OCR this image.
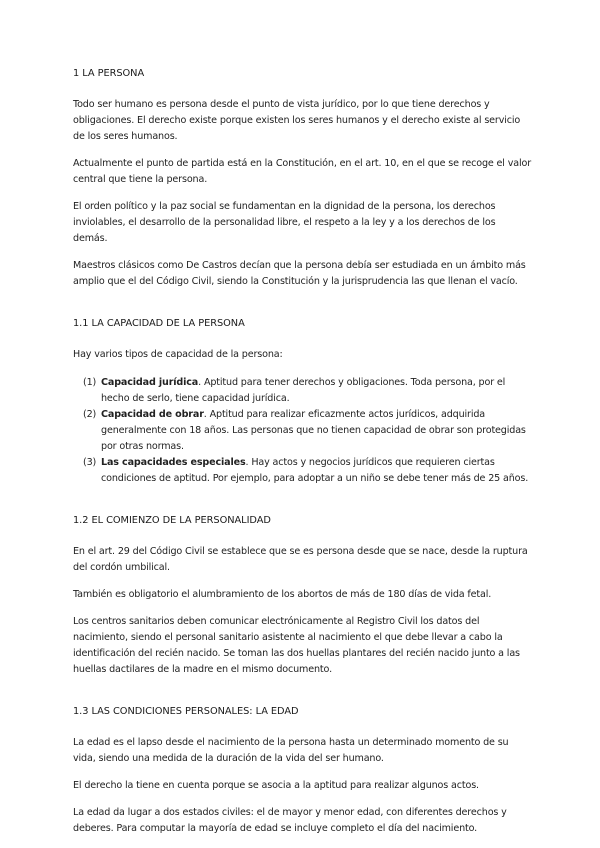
1 LA PERSONA

Todo ser humano es persona desde el punto de vista jurídico, por lo que tiene derechos y obligaciones. El derecho existe porque existen los seres humanos y el derecho existe al servicio de los seres humanos.

Actualmente el punto de partida está en la Constitución, en el art. 10, en el que se recoge el valor central que tiene la persona.

El orden político y la paz social se fundamentan en la dignidad de la persona, los derechos inviolables, el desarrollo de la personalidad libre, el respeto a la ley y a los derechos de los demás.

Maestros clásicos como De Castros decían que la persona debía ser estudiada en un ámbito más amplio que el del Código Civil, siendo la Constitución y la jurisprudencia las que llenan el vacío.

1.1 LA CAPACIDAD DE LA PERSONA

Hay varios tipos de capacidad de la persona:

(1) Capacidad jurídica. Aptitud para tener derechos y obligaciones. Toda persona, por el hecho de serlo, tiene capacidad jurídica.
(2) Capacidad de obrar. Aptitud para realizar eficazmente actos jurídicos, adquirida generalmente con 18 años. Las personas que no tienen capacidad de obrar son protegidas por otras normas.
(3) Las capacidades especiales. Hay actos y negocios jurídicos que requieren ciertas condiciones de aptitud. Por ejemplo, para adoptar a un niño se debe tener más de 25 años.
1.2 EL COMIENZO DE LA PERSONALIDAD

En el art. 29 del Código Civil se establece que se es persona desde que se nace, desde la ruptura del cordón umbilical.

También es obligatorio el alumbramiento de los abortos de más de 180 días de vida fetal.

Los centros sanitarios deben comunicar electrónicamente al Registro Civil los datos del nacimiento, siendo el personal sanitario asistente al nacimiento el que debe llevar a cabo la identificación del recién nacido. Se toman las dos huellas plantares del recién nacido junto a las huellas dactilares de la madre en el mismo documento.

1.3 LAS CONDICIONES PERSONALES: LA EDAD

La edad es el lapso desde el nacimiento de la persona hasta un determinado momento de su vida, siendo una medida de la duración de la vida del ser humano.

El derecho la tiene en cuenta porque se asocia a la aptitud para realizar algunos actos.

La edad da lugar a dos estados civiles: el de mayor y menor edad, con diferentes derechos y deberes. Para computar la mayoría de edad se incluye completo el día del nacimiento.
